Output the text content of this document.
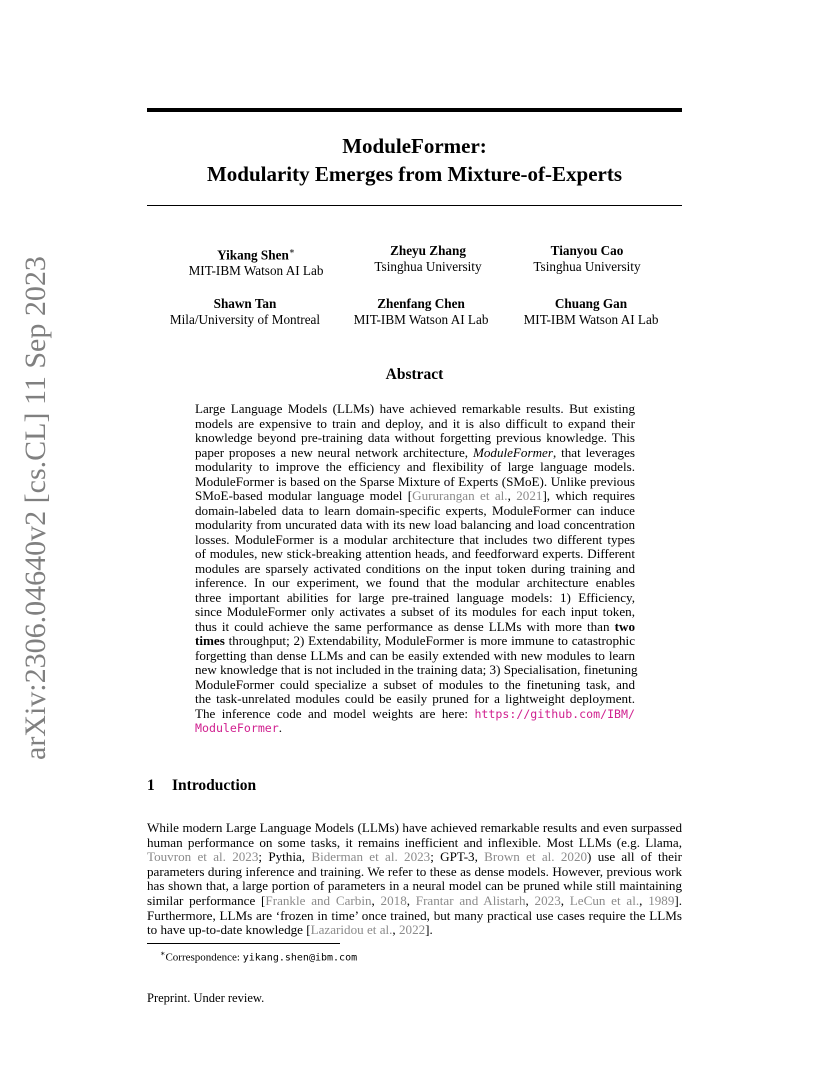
ModuleFormer:
Modularity Emerges from Mixture-of-Experts
arXiv:2306.04640v2 [cs.CL] 11 Sep 2023
Yikang Shen∗
MIT-IBM Watson AI Lab
Zheyu Zhang
Tsinghua University
Tianyou Cao
Tsinghua University
Shawn Tan
Mila/University of Montreal
Zhenfang Chen
MIT-IBM Watson AI Lab
Chuang Gan
MIT-IBM Watson AI Lab
Abstract
Large Language Models (LLMs) have achieved remarkable results. But existing
models are expensive to train and deploy, and it is also difficult to expand their
knowledge beyond pre-training data without forgetting previous knowledge. This
paper proposes a new neural network architecture, ModuleFormer, that leverages
modularity to improve the efficiency and flexibility of large language models.
ModuleFormer is based on the Sparse Mixture of Experts (SMoE). Unlike previous
SMoE-based modular language model [Gururangan et al., 2021], which requires
domain-labeled data to learn domain-specific experts, ModuleFormer can induce
modularity from uncurated data with its new load balancing and load concentration
losses. ModuleFormer is a modular architecture that includes two different types
of modules, new stick-breaking attention heads, and feedforward experts. Different
modules are sparsely activated conditions on the input token during training and
inference. In our experiment, we found that the modular architecture enables
three important abilities for large pre-trained language models: 1) Efficiency,
since ModuleFormer only activates a subset of its modules for each input token,
thus it could achieve the same performance as dense LLMs with more than two
times throughput; 2) Extendability, ModuleFormer is more immune to catastrophic
forgetting than dense LLMs and can be easily extended with new modules to learn
new knowledge that is not included in the training data; 3) Specialisation, finetuning
ModuleFormer could specialize a subset of modules to the finetuning task, and
the task-unrelated modules could be easily pruned for a lightweight deployment.
The inference code and model weights are here: https://github.com/IBM/
ModuleFormer.
1 Introduction
While modern Large Language Models (LLMs) have achieved remarkable results and even surpassed
human performance on some tasks, it remains inefficient and inflexible. Most LLMs (e.g. Llama,
Touvron et al. 2023; Pythia, Biderman et al. 2023; GPT-3, Brown et al. 2020) use all of their
parameters during inference and training. We refer to these as dense models. However, previous work
has shown that, a large portion of parameters in a neural model can be pruned while still maintaining
similar performance [Frankle and Carbin, 2018, Frantar and Alistarh, 2023, LeCun et al., 1989].
Furthermore, LLMs are ‘frozen in time’ once trained, but many practical use cases require the LLMs
to have up-to-date knowledge [Lazaridou et al., 2022].
∗Correspondence: yikang.shen@ibm.com
Preprint. Under review.
